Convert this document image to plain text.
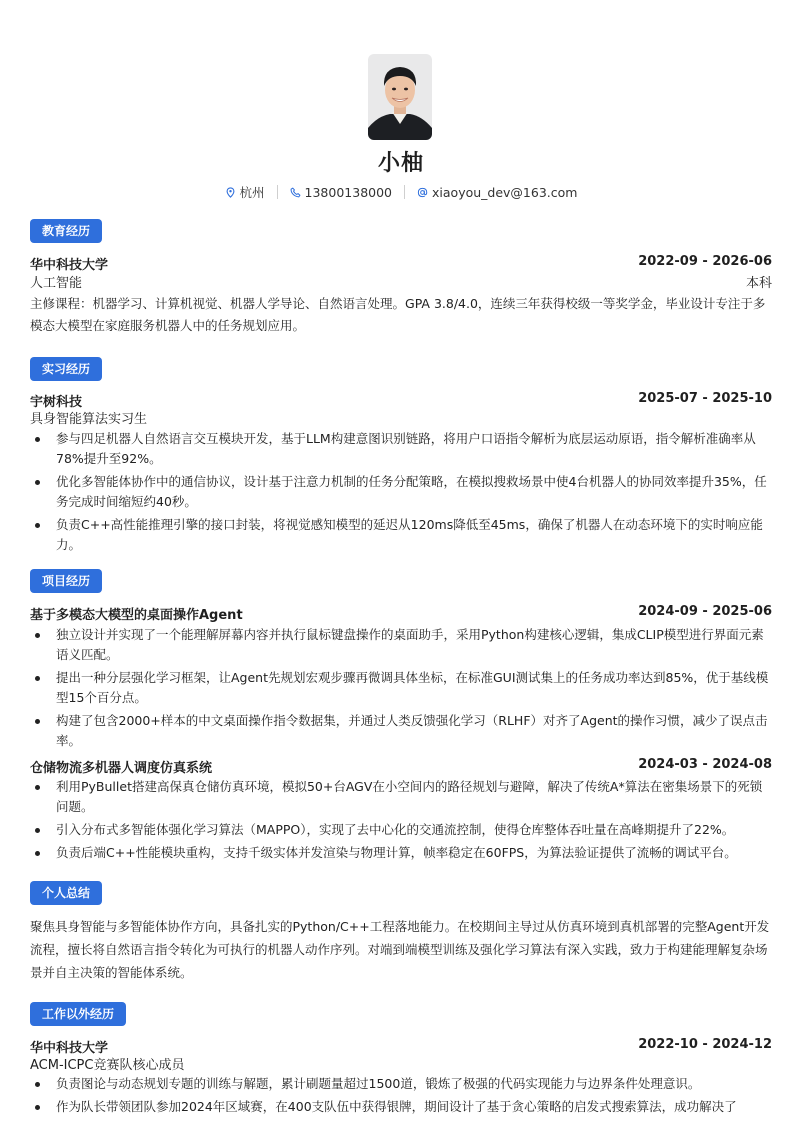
小柚
杭州	13800138000	xiaoyou_dev@163.com
教育经历
华中科技大学	2022-09 - 2026-06
人工智能	本科
主修课程：机器学习、计算机视觉、机器人学导论、自然语言处理。GPA 3.8/4.0，连续三年获得校级一等奖学金，毕业设计专注于多模态大模型在家庭服务机器人中的任务规划应用。
实习经历
宇树科技	2025-07 - 2025-10
具身智能算法实习生
参与四足机器人自然语言交互模块开发，基于LLM构建意图识别链路，将用户口语指令解析为底层运动原语，指令解析准确率从78%提升至92%。
优化多智能体协作中的通信协议，设计基于注意力机制的任务分配策略，在模拟搜救场景中使4台机器人的协同效率提升35%，任务完成时间缩短约40秒。
负责C++高性能推理引擎的接口封装，将视觉感知模型的延迟从120ms降低至45ms，确保了机器人在动态环境下的实时响应能力。
项目经历
基于多模态大模型的桌面操作Agent	2024-09 - 2025-06
独立设计并实现了一个能理解屏幕内容并执行鼠标键盘操作的桌面助手，采用Python构建核心逻辑，集成CLIP模型进行界面元素语义匹配。
提出一种分层强化学习框架，让Agent先规划宏观步骤再微调具体坐标，在标准GUI测试集上的任务成功率达到85%，优于基线模型15个百分点。
构建了包含2000+样本的中文桌面操作指令数据集，并通过人类反馈强化学习（RLHF）对齐了Agent的操作习惯，减少了误点击率。
仓储物流多机器人调度仿真系统	2024-03 - 2024-08
利用PyBullet搭建高保真仓储仿真环境，模拟50+台AGV在小空间内的路径规划与避障，解决了传统A*算法在密集场景下的死锁问题。
引入分布式多智能体强化学习算法（MAPPO），实现了去中心化的交通流控制，使得仓库整体吞吐量在高峰期提升了22%。
负责后端C++性能模块重构，支持千级实体并发渲染与物理计算，帧率稳定在60FPS，为算法验证提供了流畅的调试平台。
个人总结
聚焦具身智能与多智能体协作方向，具备扎实的Python/C++工程落地能力。在校期间主导过从仿真环境到真机部署的完整Agent开发流程，擅长将自然语言指令转化为可执行的机器人动作序列。对端到端模型训练及强化学习算法有深入实践，致力于构建能理解复杂场景并自主决策的智能体系统。
工作以外经历
华中科技大学	2022-10 - 2024-12
ACM-ICPC竞赛队核心成员
负责图论与动态规划专题的训练与解题，累计刷题量超过1500道，锻炼了极强的代码实现能力与边界条件处理意识。
作为队长带领团队参加2024年区域赛，在400支队伍中获得银牌，期间设计了基于贪心策略的启发式搜索算法，成功解决了
